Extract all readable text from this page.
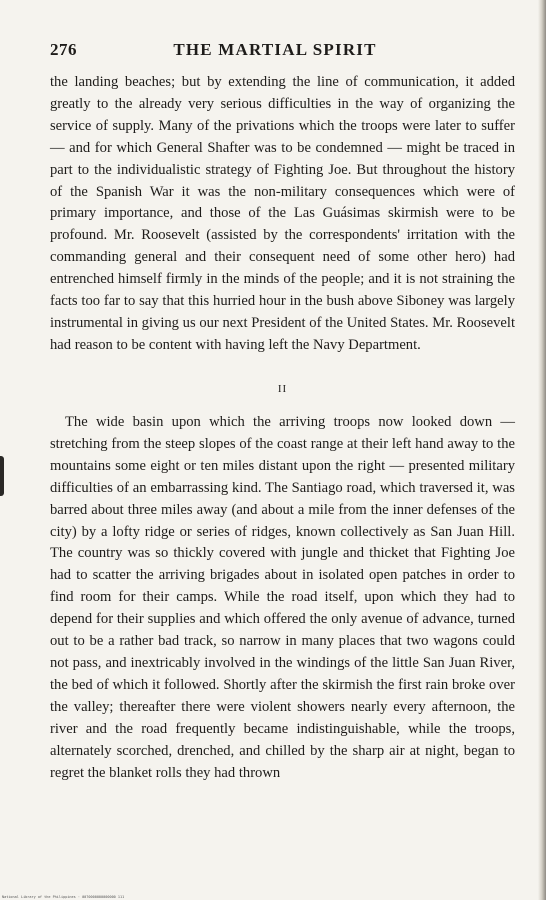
276	THE MARTIAL SPIRIT

the landing beaches; but by extending the line of communication, it added greatly to the already very serious difficulties in the way of organizing the service of supply. Many of the privations which the troops were later to suffer — and for which General Shafter was to be condemned — might be traced in part to the individualistic strategy of Fighting Joe. But throughout the history of the Spanish War it was the non-military consequences which were of primary importance, and those of the Las Guásimas skirmish were to be profound. Mr. Roosevelt (assisted by the correspondents' irritation with the commanding general and their consequent need of some other hero) had entrenched himself firmly in the minds of the people; and it is not straining the facts too far to say that this hurried hour in the bush above Siboney was largely instrumental in giving us our next President of the United States. Mr. Roosevelt had reason to be content with having left the Navy Department.

II

The wide basin upon which the arriving troops now looked down — stretching from the steep slopes of the coast range at their left hand away to the mountains some eight or ten miles distant upon the right — presented military difficulties of an embarrassing kind. The Santiago road, which traversed it, was barred about three miles away (and about a mile from the inner defenses of the city) by a lofty ridge or series of ridges, known collectively as San Juan Hill. The country was so thickly covered with jungle and thicket that Fighting Joe had to scatter the arriving brigades about in isolated open patches in order to find room for their camps. While the road itself, upon which they had to depend for their supplies and which offered the only avenue of advance, turned out to be a rather bad track, so narrow in many places that two wagons could not pass, and inextricably involved in the windings of the little San Juan River, the bed of which it followed. Shortly after the skirmish the first rain broke over the valley; thereafter there were violent showers nearly every afternoon, the river and the road frequently became indistinguishable, while the troops, alternately scorched, drenched, and chilled by the sharp air at night, began to regret the blanket rolls they had thrown

National Library of the Philippines · 0070000000000000 111
